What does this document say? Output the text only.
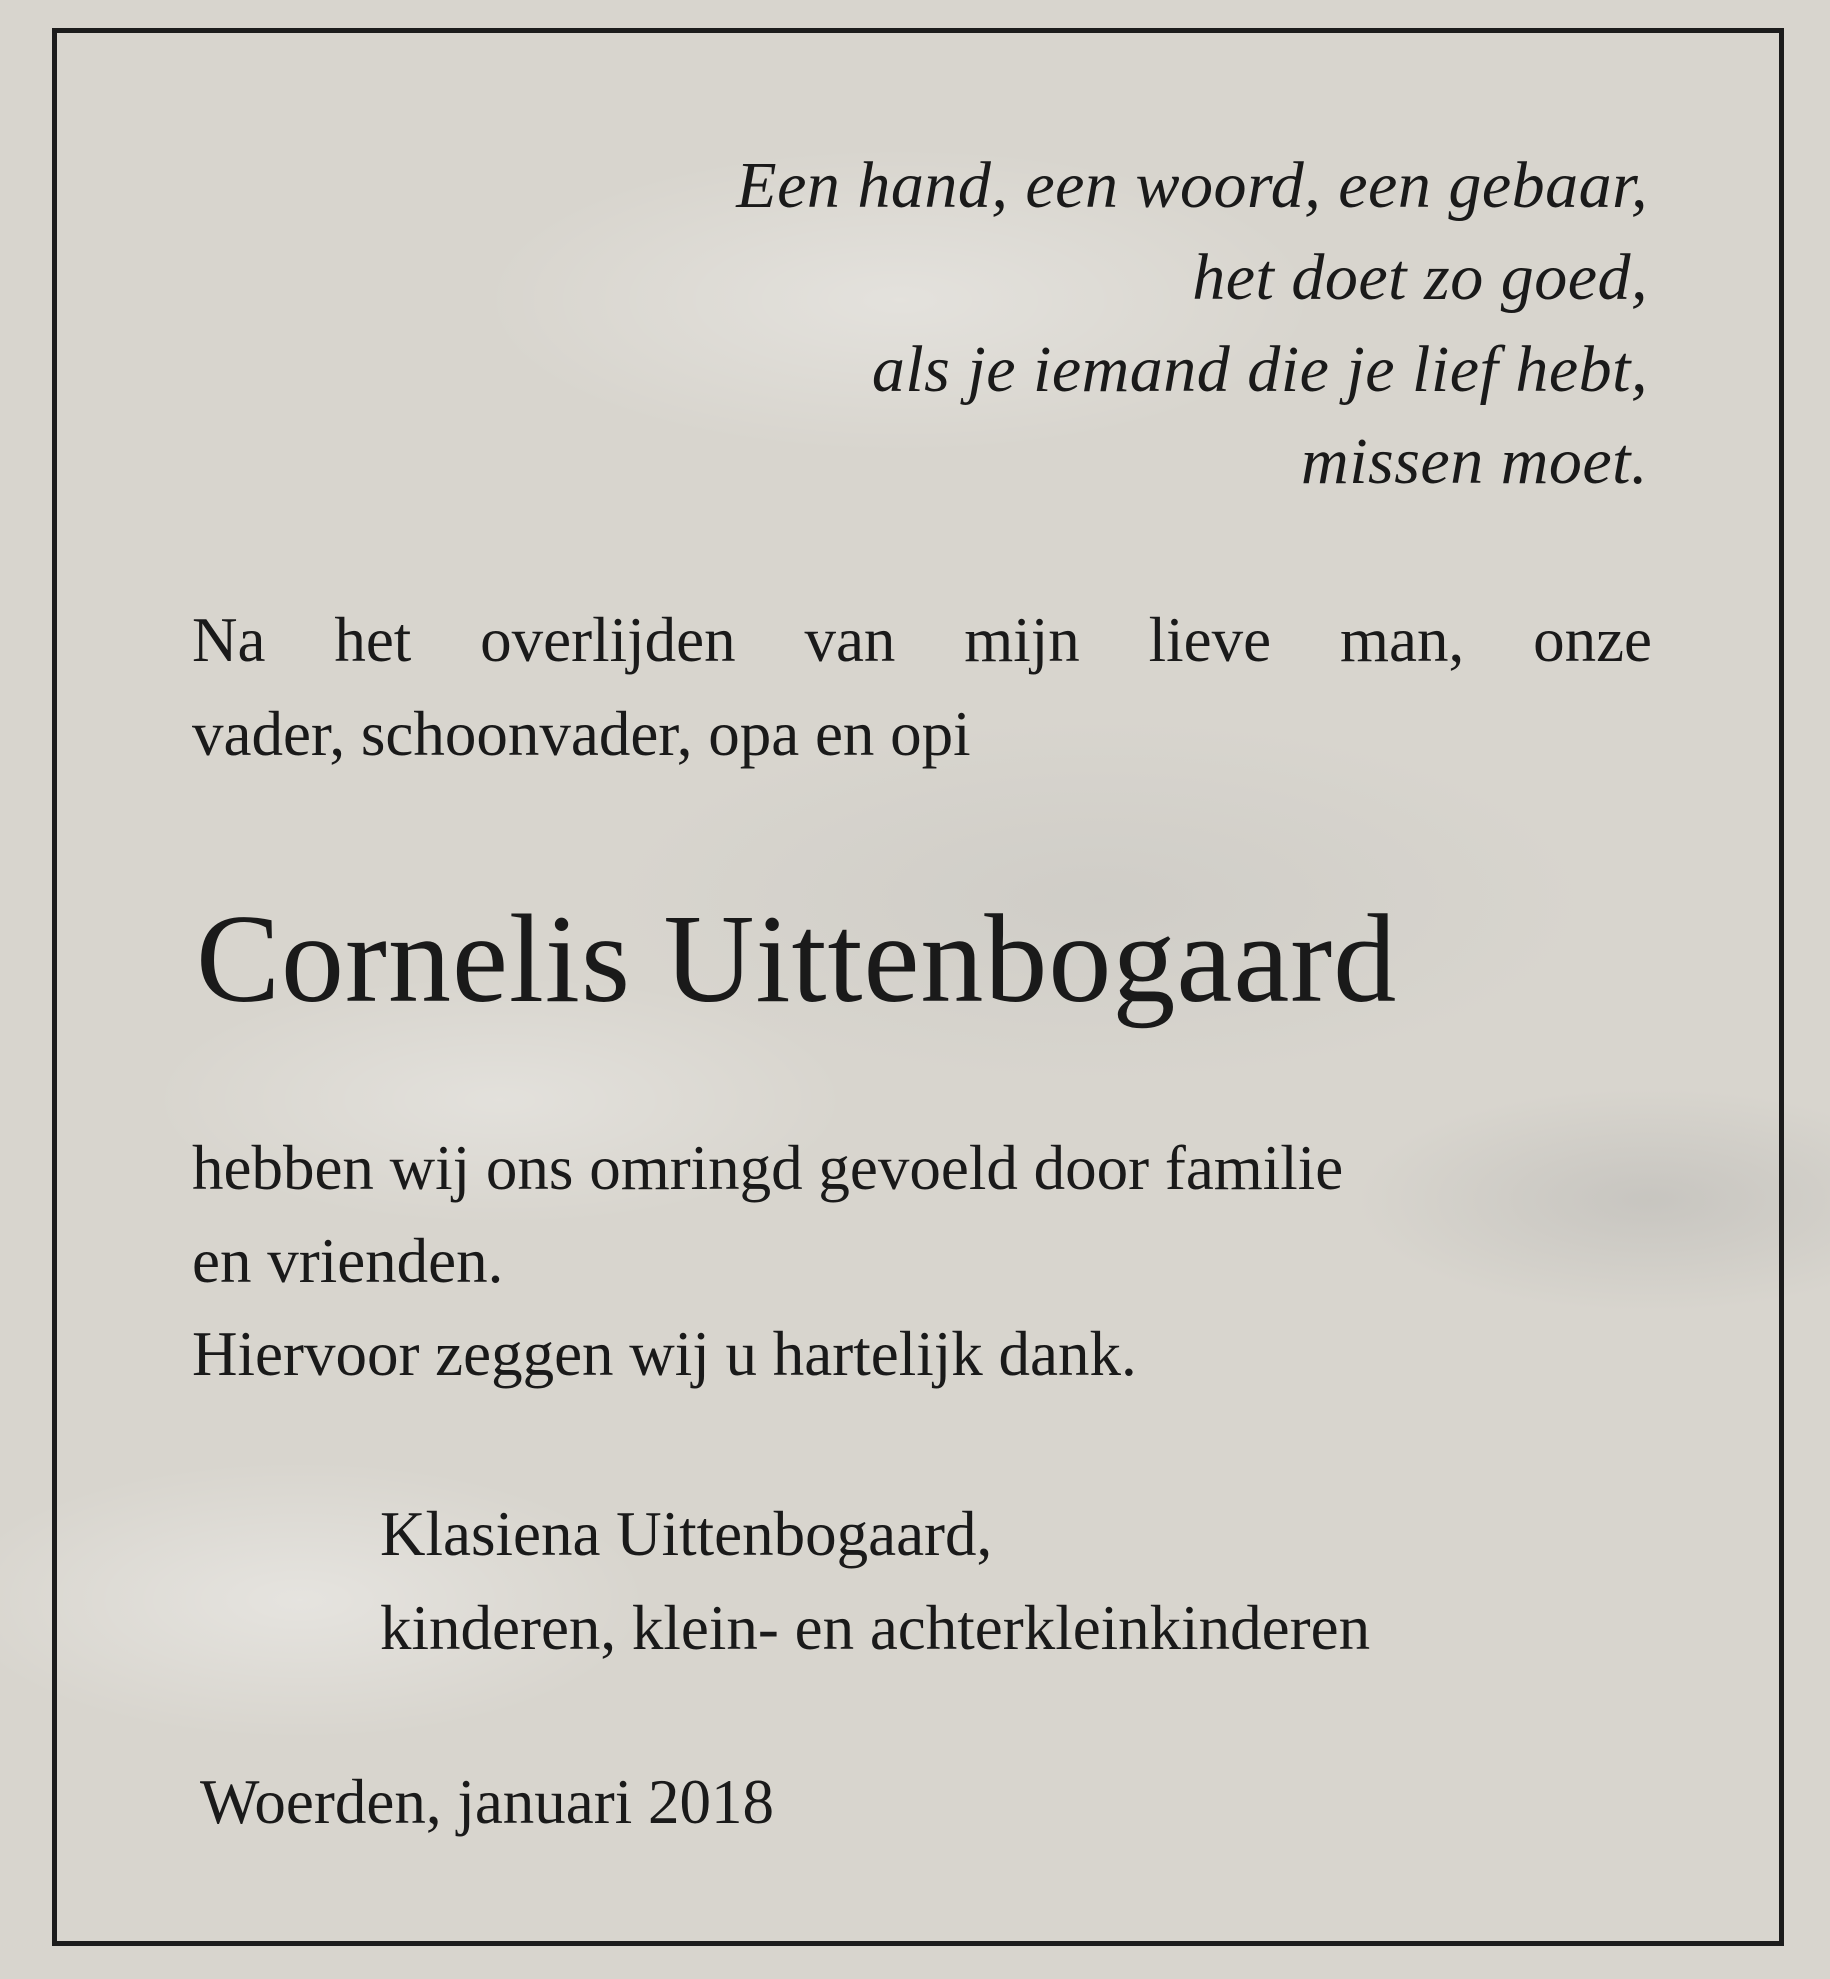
Een hand, een woord, een gebaar,
het doet zo goed,
als je iemand die je lief hebt,
missen moet.
Na het overlijden van mijn lieve man, onze
vader, schoonvader, opa en opi
Cornelis Uittenbogaard
hebben wij ons omringd gevoeld door familie
en vrienden.
Hiervoor zeggen wij u hartelijk dank.
Klasiena Uittenbogaard,
kinderen, klein- en achterkleinkinderen
Woerden, januari 2018
